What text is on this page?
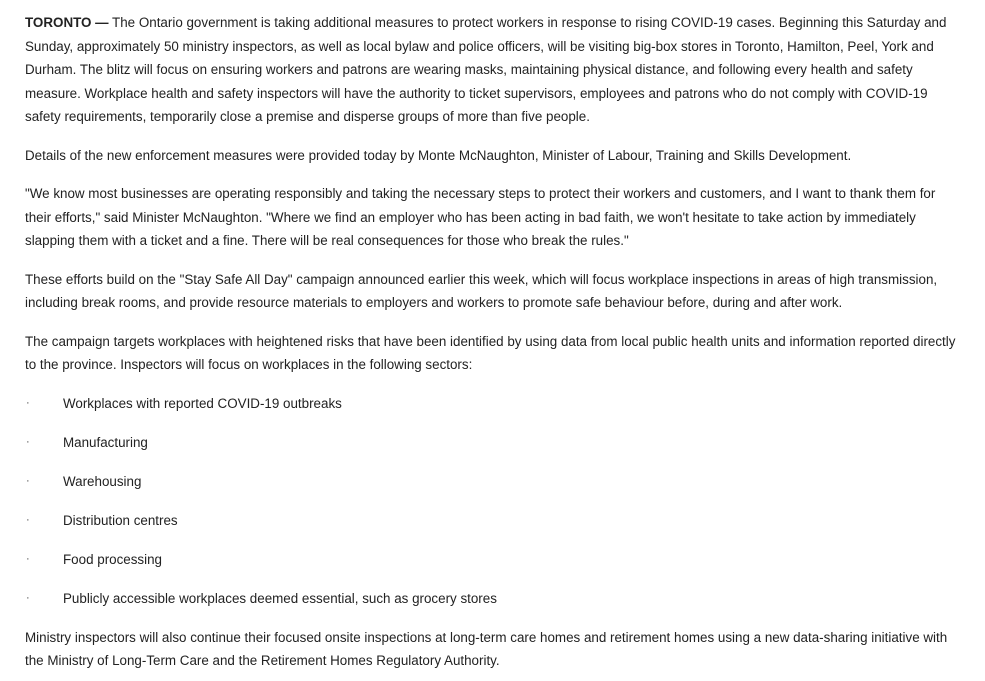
TORONTO — The Ontario government is taking additional measures to protect workers in response to rising COVID-19 cases. Beginning this Saturday and Sunday, approximately 50 ministry inspectors, as well as local bylaw and police officers, will be visiting big-box stores in Toronto, Hamilton, Peel, York and Durham. The blitz will focus on ensuring workers and patrons are wearing masks, maintaining physical distance, and following every health and safety measure. Workplace health and safety inspectors will have the authority to ticket supervisors, employees and patrons who do not comply with COVID-19 safety requirements, temporarily close a premise and disperse groups of more than five people.

Details of the new enforcement measures were provided today by Monte McNaughton, Minister of Labour, Training and Skills Development.

"We know most businesses are operating responsibly and taking the necessary steps to protect their workers and customers, and I want to thank them for their efforts," said Minister McNaughton. "Where we find an employer who has been acting in bad faith, we won't hesitate to take action by immediately slapping them with a ticket and a fine. There will be real consequences for those who break the rules."

These efforts build on the "Stay Safe All Day" campaign announced earlier this week, which will focus workplace inspections in areas of high transmission, including break rooms, and provide resource materials to employers and workers to promote safe behaviour before, during and after work.

The campaign targets workplaces with heightened risks that have been identified by using data from local public health units and information reported directly to the province. Inspectors will focus on workplaces in the following sectors:

· Workplaces with reported COVID-19 outbreaks
· Manufacturing
· Warehousing
· Distribution centres
· Food processing
· Publicly accessible workplaces deemed essential, such as grocery stores

Ministry inspectors will also continue their focused onsite inspections at long-term care homes and retirement homes using a new data-sharing initiative with the Ministry of Long-Term Care and the Retirement Homes Regulatory Authority.
